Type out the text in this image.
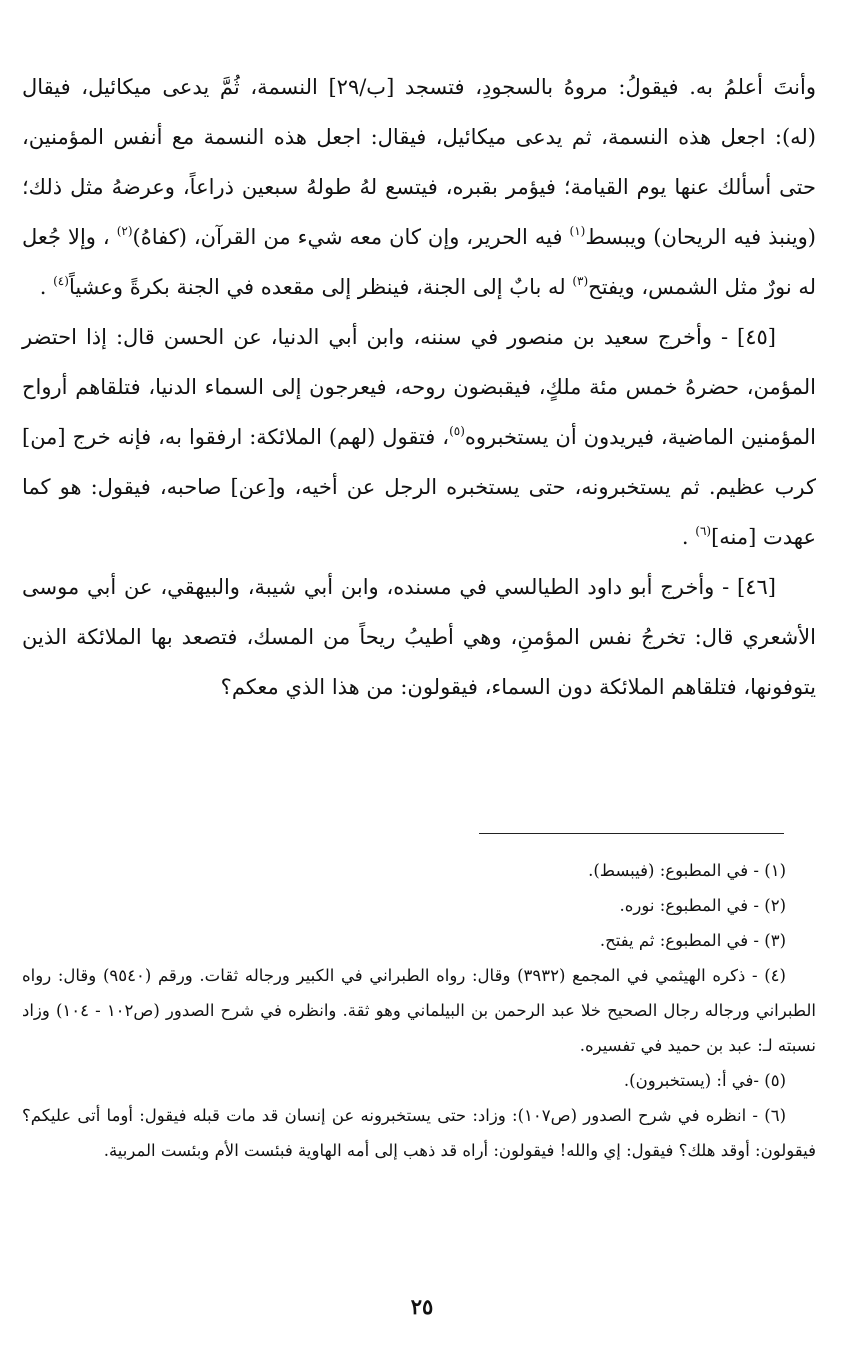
وأنتَ أعلمُ به. فيقولُ: مروهُ بالسجودِ، فتسجد [ب/٢٩] النسمة، ثُمَّ يدعى ميكائيل، فيقال (له): اجعل هذه النسمة، ثم يدعى ميكائيل، فيقال: اجعل هذه النسمة مع أنفس المؤمنين، حتى أسألك عنها يوم القيامة؛ فيؤمر بقبره، فيتسع لهُ طولهُ سبعين ذراعاً، وعرضهُ مثل ذلك؛ (وينبذ فيه الريحان) ويبسط$^{(١)}$ فيه الحرير، وإن كان معه شيء من القرآن، (كفاهُ)$^{(٢)}$ ، وإلا جُعل له نورٌ مثل الشمس، ويفتح$^{(٣)}$ له بابٌ إلى الجنة، فينظر إلى مقعده في الجنة بكرةً وعشياً$^{(٤)}$ .

[٤٥] - وأخرج سعيد بن منصور في سننه، وابن أبي الدنيا، عن الحسن قال: إذا احتضر المؤمن، حضرهُ خمس مئة ملكٍ، فيقبضون روحه، فيعرجون إلى السماء الدنيا، فتلقاهم أرواح المؤمنين الماضية، فيريدون أن يستخبروه$^{(٥)}$، فتقول (لهم) الملائكة: ارفقوا به، فإنه خرج [من] كرب عظيم. ثم يستخبرونه، حتى يستخبره الرجل عن أخيه، و[عن] صاحبه، فيقول: هو كما عهدت [منه]$^{(٦)}$ .

[٤٦] - وأخرج أبو داود الطيالسي في مسنده، وابن أبي شيبة، والبيهقي، عن أبي موسى الأشعري قال: تخرجُ نفس المؤمنِ، وهي أطيبُ ريحاً من المسك، فتصعد بها الملائكة الذين يتوفونها، فتلقاهم الملائكة دون السماء، فيقولون: من هذا الذي معكم؟

(١) - في المطبوع: (فيبسط).

(٢) - في المطبوع: نوره.

(٣) - في المطبوع: ثم يفتح.

(٤) - ذكره الهيثمي في المجمع (٣٩٣٢) وقال: رواه الطبراني في الكبير ورجاله ثقات. ورقم (٩٥٤٠) وقال: رواه الطبراني ورجاله رجال الصحيح خلا عبد الرحمن بن البيلماني وهو ثقة. وانظره في شرح الصدور (ص١٠٢ - ١٠٤) وزاد نسبته لـ: عبد بن حميد في تفسيره.

(٥) -في أ: (يستخبرون).

(٦) - انظره في شرح الصدور (ص١٠٧): وزاد: حتى يستخبرونه عن إنسان قد مات قبله فيقول: أوما أتى عليكم؟ فيقولون: أوقد هلك؟ فيقول: إي والله! فيقولون: أراه قد ذهب إلى أمه الهاوية فبئست الأم وبئست المربية.

٢٥
